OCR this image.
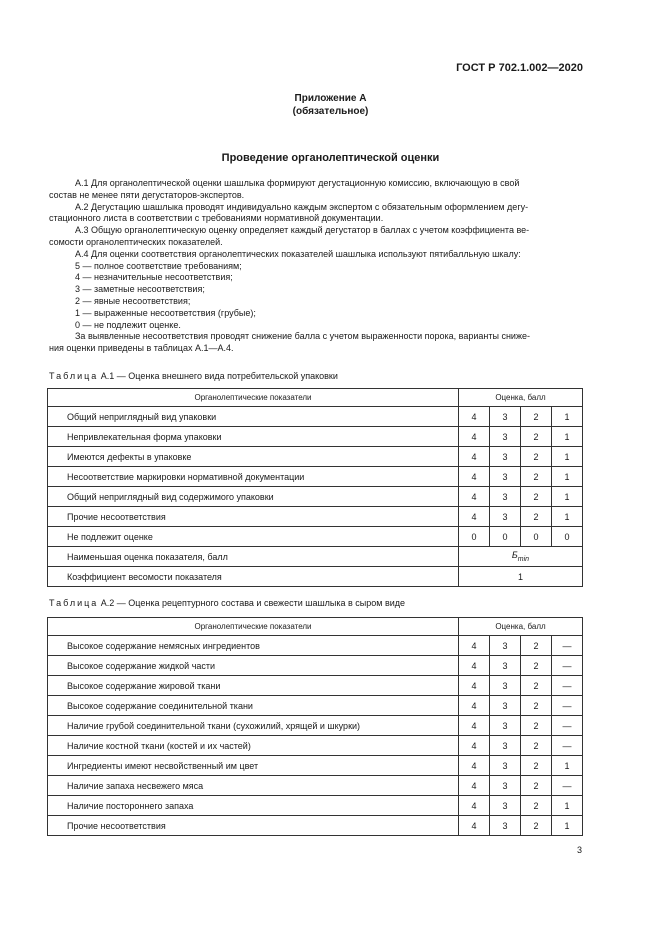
ГОСТ Р 702.1.002—2020
Приложение А
(обязательное)
Проведение органолептической оценки

А.1 Для органолептической оценки шашлыка формируют дегустационную комиссию, включающую в свой

состав не менее пяти дегустаторов-экспертов.

А.2 Дегустацию шашлыка проводят индивидуально каждым экспертом с обязательным оформлением дегу-

стационного листа в соответствии с требованиями нормативной документации.

А.3 Общую органолептическую оценку определяет каждый дегустатор в баллах с учетом коэффициента ве-

сомости органолептических показателей.

А.4 Для оценки соответствия органолептических показателей шашлыка используют пятибалльную шкалу:

5 — полное соответствие требованиям;

4 — незначительные несоответствия;

3 — заметные несоответствия;

2 — явные несоответствия;

1 — выраженные несоответствия (грубые);

0 — не подлежит оценке.

За выявленные несоответствия проводят снижение балла с учетом выраженности порока, варианты сниже-

ния оценки приведены в таблицах А.1—А.4.

Таблица А.1 — Оценка внешнего вида потребительской упаковки
Органолептические показатели	Оценка, балл			
Общий неприглядный вид упаковки	4	3	2	1
Непривлекательная форма упаковки	4	3	2	1
Имеются дефекты в упаковке	4	3	2	1
Несоответствие маркировки нормативной документации	4	3	2	1
Общий неприглядный вид содержимого упаковки	4	3	2	1
Прочие несоответствия	4	3	2	1
Не подлежит оценке	0	0	0	0
Наименьшая оценка показателя, балл	$Б_{min}$
Коэффициент весомости показателя	1			
Таблица А.2 — Оценка рецептурного состава и свежести шашлыка в сыром виде
Органолептические показатели	Оценка, балл			
Высокое содержание немясных ингредиентов	4	3	2	—
Высокое содержание жидкой части	4	3	2	—
Высокое содержание жировой ткани	4	3	2	—
Высокое содержание соединительной ткани	4	3	2	—
Наличие грубой соединительной ткани (сухожилий, хрящей и шкурки)	4	3	2	—
Наличие костной ткани (костей и их частей)	4	3	2	—
Ингредиенты имеют несвойственный им цвет	4	3	2	1
Наличие запаха несвежего мяса	4	3	2	—
Наличие постороннего запаха	4	3	2	1
Прочие несоответствия	4	3	2	1
3
